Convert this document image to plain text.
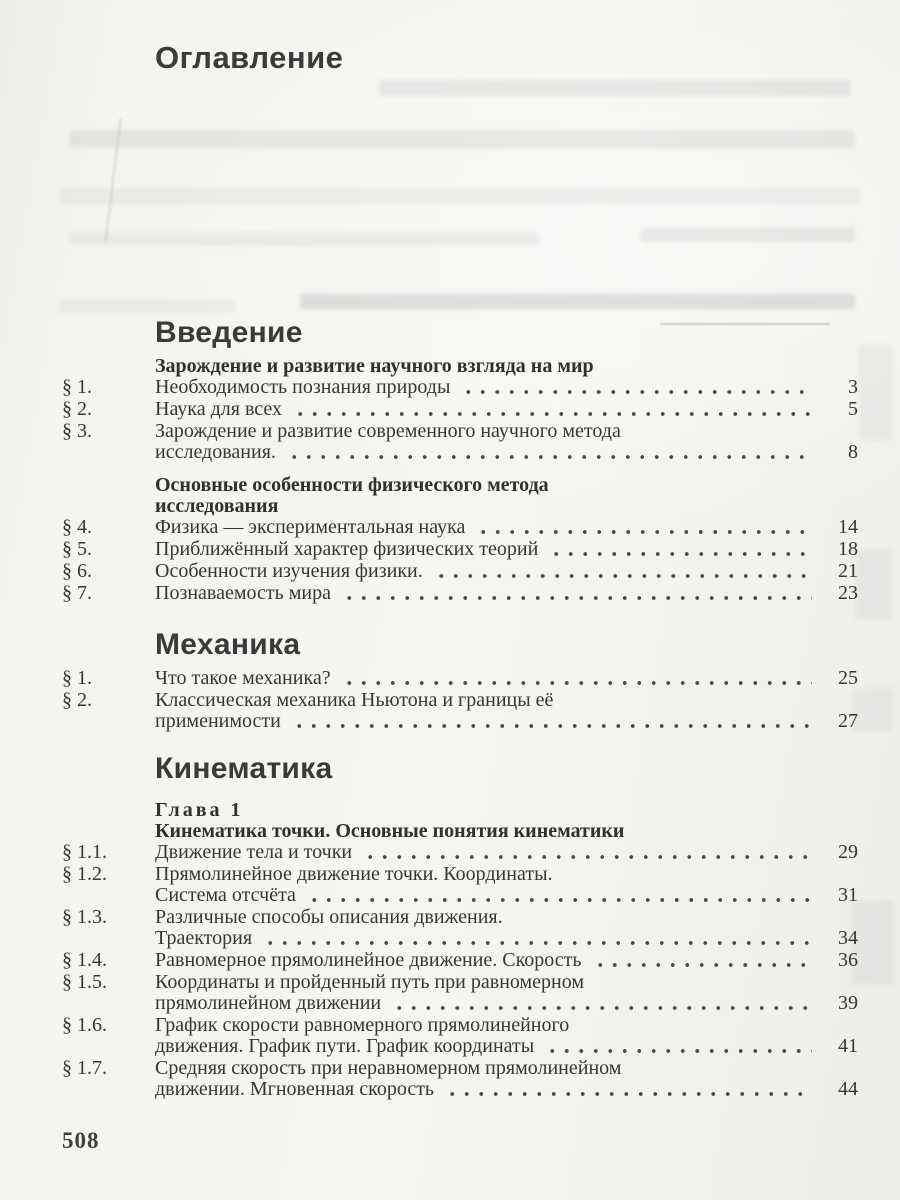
Оглавление
Введение
Зарождение и развитие научного взгляда на мир
§ 1.	Необходимость познания природы	3
§ 2.	Наука для всех	5
§ 3.	Зарождение и развитие современного научного метода
исследования.	8
Основные особенности физического метода
исследования
§ 4.	Физика — экспериментальная наука	14
§ 5.	Приближённый характер физических теорий	18
§ 6.	Особенности изучения физики.	21
§ 7.	Познаваемость мира	23
Механика
§ 1.	Что такое механика?	25
§ 2.	Классическая механика Ньютона и границы её
применимости	27
Кинематика
Глава 1
Кинематика точки. Основные понятия кинематики
§ 1.1.	Движение тела и точки	29
§ 1.2.	Прямолинейное движение точки. Координаты.
Система отсчёта	31
§ 1.3.	Различные способы описания движения.
Траектория	34
§ 1.4.	Равномерное прямолинейное движение. Скорость	36
§ 1.5.	Координаты и пройденный путь при равномерном
прямолинейном движении	39
§ 1.6.	График скорости равномерного прямолинейного
движения. График пути. График координаты	41
§ 1.7.	Средняя скорость при неравномерном прямолинейном
движении. Мгновенная скорость	44
508
